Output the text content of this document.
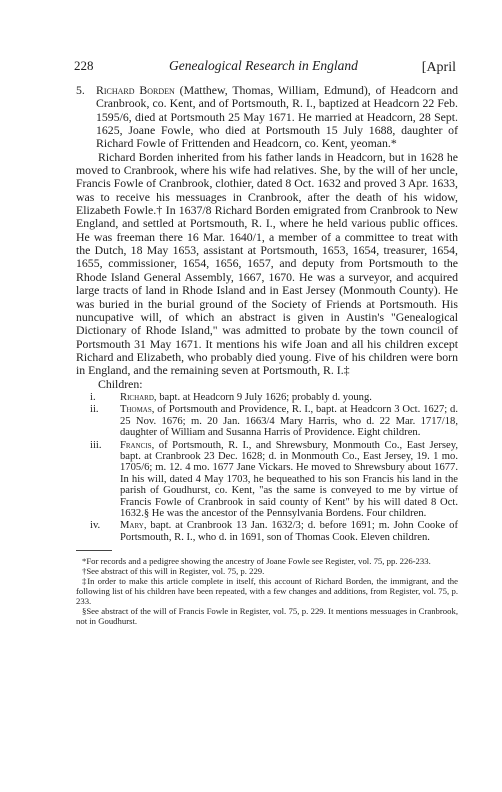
228	Genealogical Research in England	[April

5. Richard Borden (Matthew, Thomas, William, Edmund), of Headcorn and Cranbrook, co. Kent, and of Portsmouth, R. I., baptized at Headcorn 22 Feb. 1595/6, died at Portsmouth 25 May 1671. He married at Headcorn, 28 Sept. 1625, Joane Fowle, who died at Portsmouth 15 July 1688, daughter of Richard Fowle of Frittenden and Headcorn, co. Kent, yeoman.*

Richard Borden inherited from his father lands in Headcorn, but in 1628 he moved to Cranbrook, where his wife had relatives. She, by the will of her uncle, Francis Fowle of Cranbrook, clothier, dated 8 Oct. 1632 and proved 3 Apr. 1633, was to receive his messuages in Cranbrook, after the death of his widow, Elizabeth Fowle.† In 1637/8 Richard Borden emigrated from Cranbrook to New England, and settled at Portsmouth, R. I., where he held various public offices. He was freeman there 16 Mar. 1640/1, a member of a committee to treat with the Dutch, 18 May 1653, assistant at Portsmouth, 1653, 1654, treasurer, 1654, 1655, commissioner, 1654, 1656, 1657, and deputy from Portsmouth to the Rhode Island General Assembly, 1667, 1670. He was a surveyor, and acquired large tracts of land in Rhode Island and in East Jersey (Monmouth County). He was buried in the burial ground of the Society of Friends at Portsmouth. His nuncupative will, of which an abstract is given in Austin's "Genealogical Dictionary of Rhode Island," was admitted to probate by the town council of Portsmouth 31 May 1671. It mentions his wife Joan and all his children except Richard and Elizabeth, who probably died young. Five of his children were born in England, and the remaining seven at Portsmouth, R. I.‡

Children:

i. Richard, bapt. at Headcorn 9 July 1626; probably d. young.

ii. Thomas, of Portsmouth and Providence, R. I., bapt. at Headcorn 3 Oct. 1627; d. 25 Nov. 1676; m. 20 Jan. 1663/4 Mary Harris, who d. 22 Mar. 1717/18, daughter of William and Susanna Harris of Providence. Eight children.

iii. Francis, of Portsmouth, R. I., and Shrewsbury, Monmouth Co., East Jersey, bapt. at Cranbrook 23 Dec. 1628; d. in Monmouth Co., East Jersey, 19. 1 mo. 1705/6; m. 12. 4 mo. 1677 Jane Vickars. He moved to Shrewsbury about 1677. In his will, dated 4 May 1703, he bequeathed to his son Francis his land in the parish of Goudhurst, co. Kent, "as the same is conveyed to me by virtue of Francis Fowle of Cranbrook in said county of Kent" by his will dated 8 Oct. 1632.§ He was the ancestor of the Pennsylvania Bordens. Four children.

iv. Mary, bapt. at Cranbrook 13 Jan. 1632/3; d. before 1691; m. John Cooke of Portsmouth, R. I., who d. in 1691, son of Thomas Cook. Eleven children.

*For records and a pedigree showing the ancestry of Joane Fowle see Register, vol. 75, pp. 226-233.

†See abstract of this will in Register, vol. 75, p. 229.

‡In order to make this article complete in itself, this account of Richard Borden, the immigrant, and the following list of his children have been repeated, with a few changes and additions, from Register, vol. 75, p. 233.

§See abstract of the will of Francis Fowle in Register, vol. 75, p. 229. It mentions messuages in Cranbrook, not in Goudhurst.
